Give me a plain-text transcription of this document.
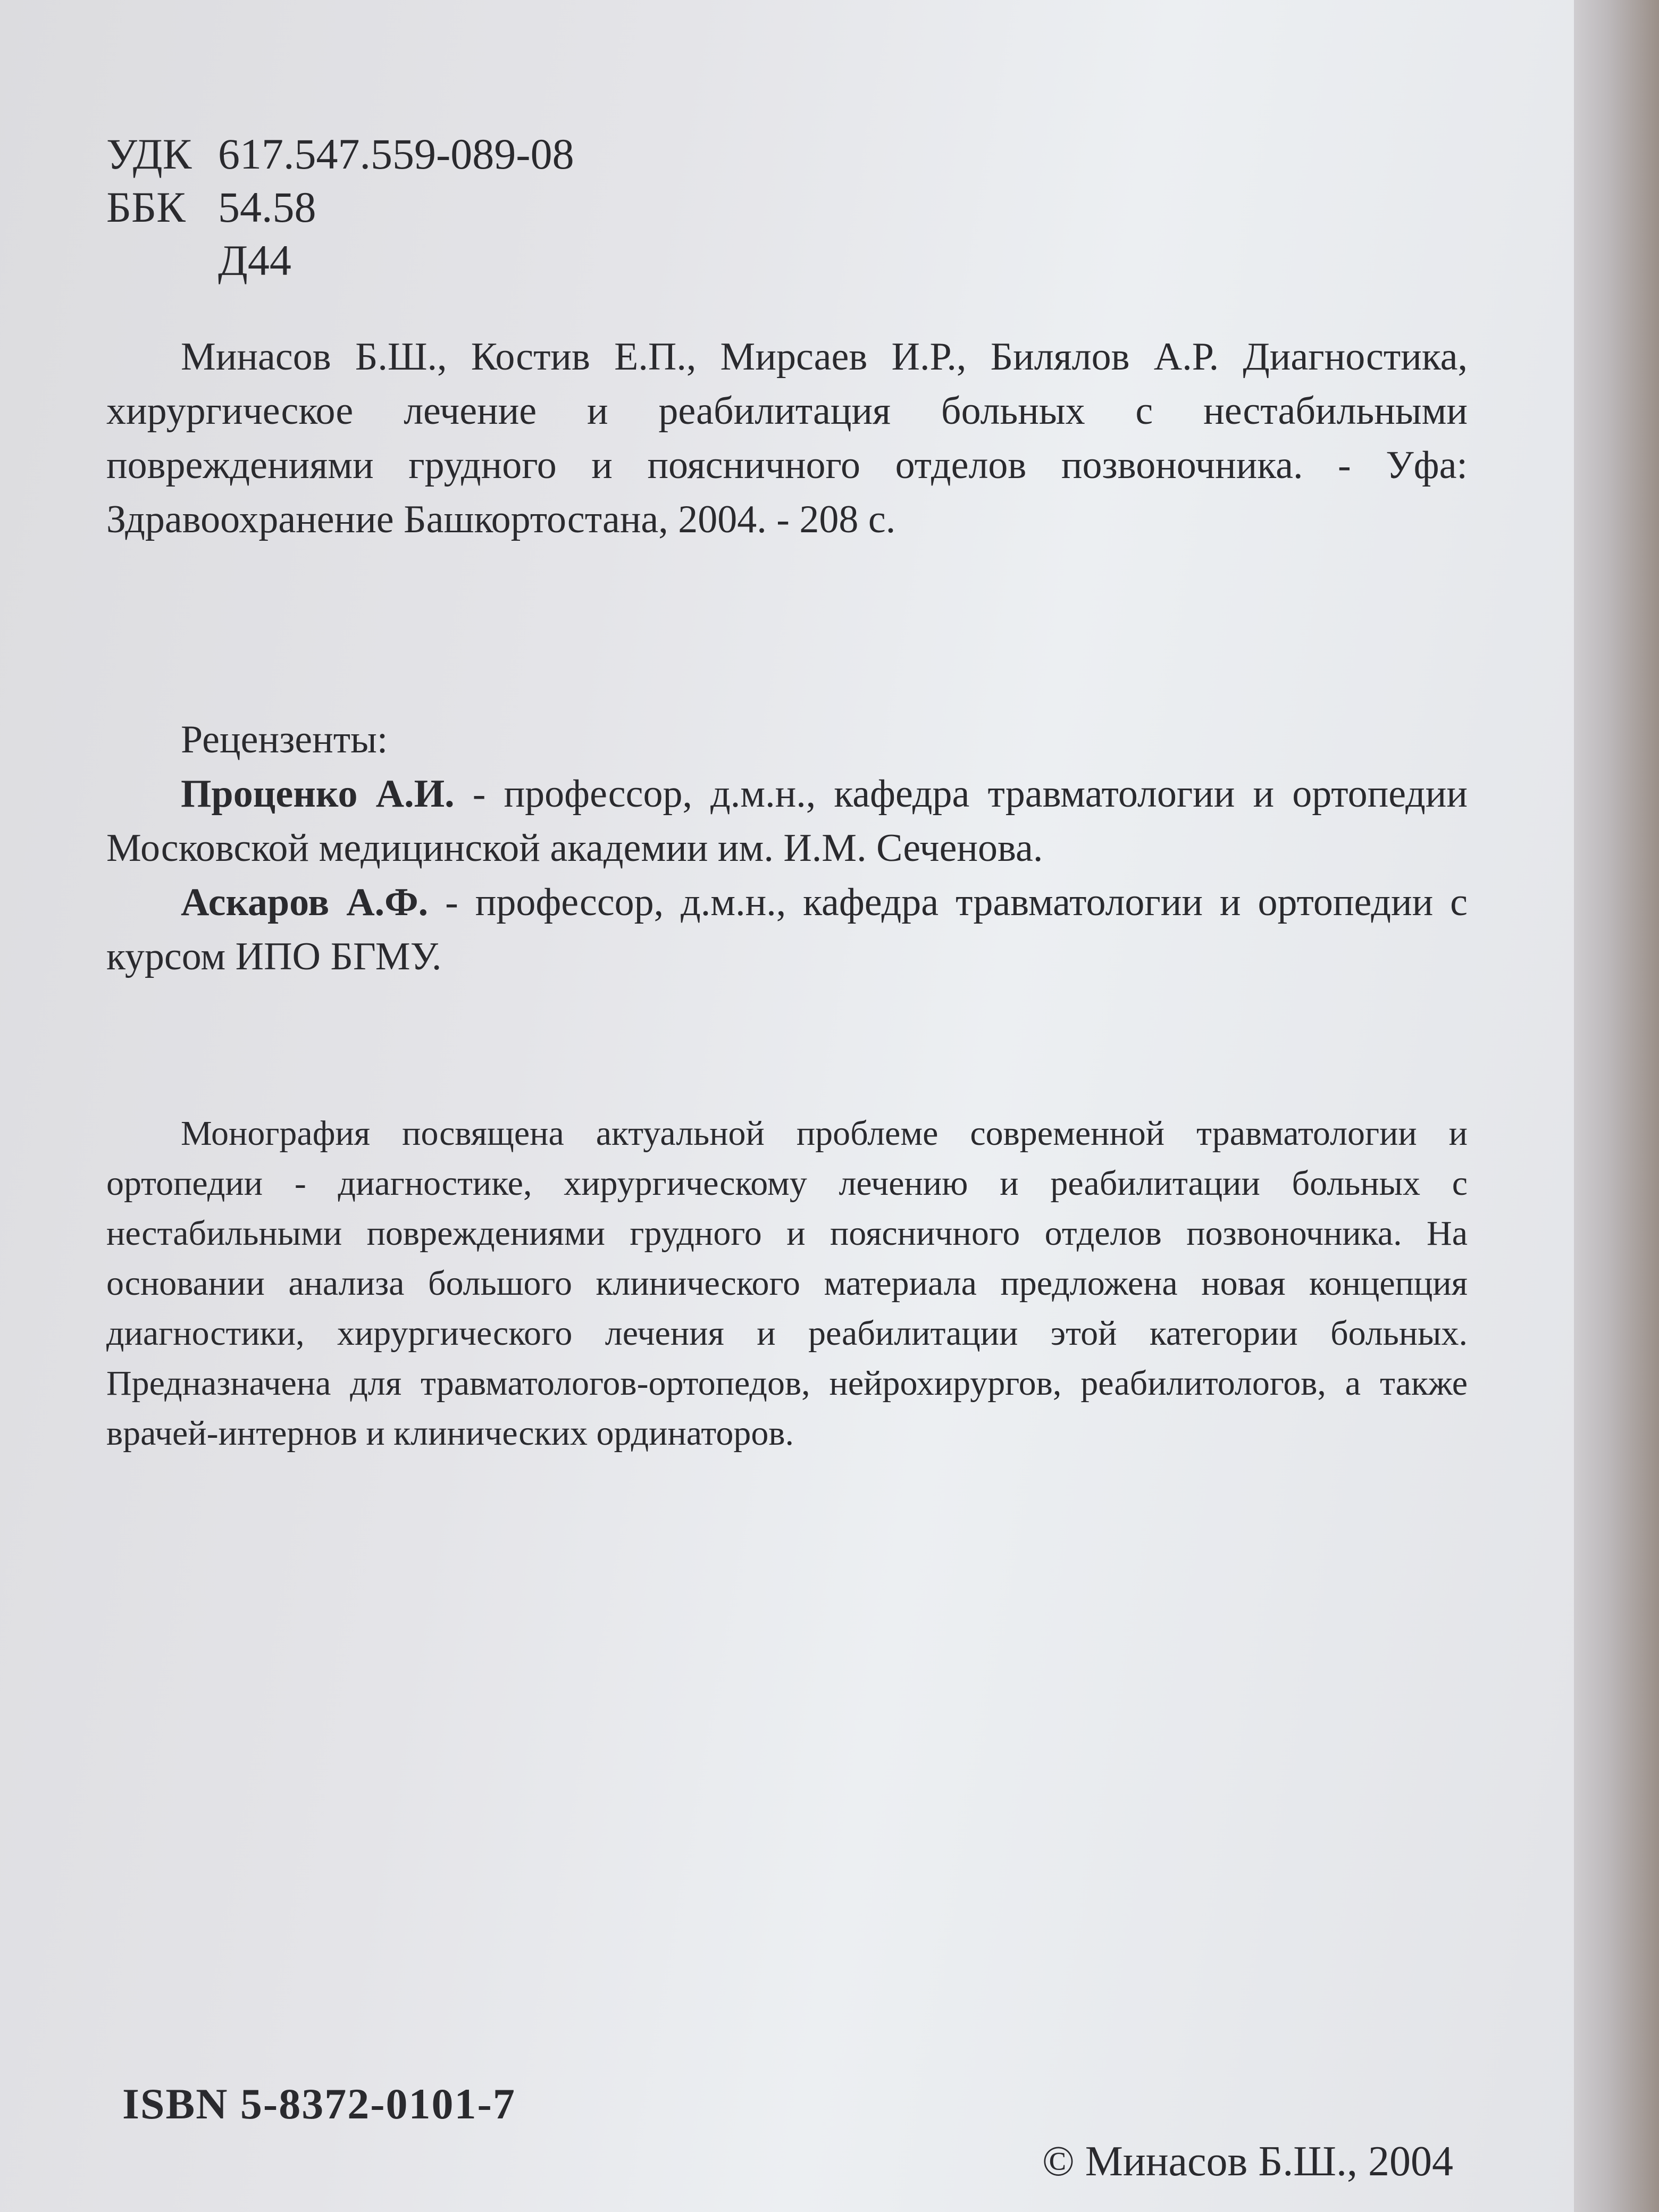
УДК 617.547.559-089-08
ББК 54.58
Д44
Минасов Б.Ш., Костив Е.П., Мирсаев И.Р., Билялов А.Р. Диагностика, хирургическое лечение и реабилитация больных с нестабильными повреждениями грудного и поясничного отделов позвоночника. - Уфа: Здравоохранение Башкортостана, 2004. - 208 с.
Рецензенты:
Проценко А.И. - профессор, д.м.н., кафедра травматологии и ортопедии Московской медицинской академии им. И.М. Сеченова.
Аскаров А.Ф. - профессор, д.м.н., кафедра травматологии и ортопедии с курсом ИПО БГМУ.
Монография посвящена актуальной проблеме современной травматологии и ортопедии - диагностике, хирургическому лечению и реабилитации больных с нестабильными повреждениями грудного и поясничного отделов позвоночника. На основании анализа большого клинического материала предложена новая концепция диагностики, хирургического лечения и реабилитации этой категории больных. Предназначена для травматологов-ортопедов, нейрохирургов, реабилитологов, а также врачей-интернов и клинических ординаторов.
ISBN 5-8372-0101-7
© Минасов Б.Ш., 2004
